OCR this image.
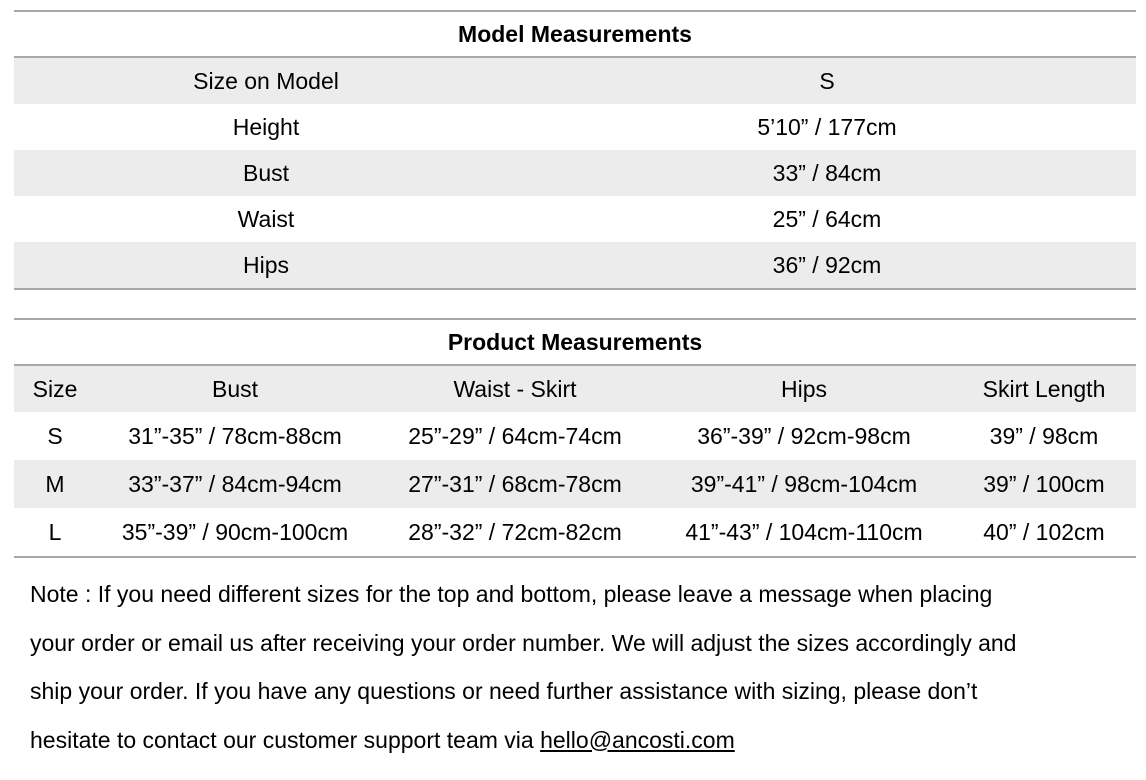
Model Measurements
Size on Model	S
Height	5’10” / 177cm
Bust	33” / 84cm
Waist	25” / 64cm
Hips	36” / 92cm
Product Measurements
Size	Bust	Waist - Skirt	Hips	Skirt Length
S	31”-35” / 78cm-88cm	25”-29” / 64cm-74cm	36”-39” / 92cm-98cm	39” / 98cm
M	33”-37” / 84cm-94cm	27”-31” / 68cm-78cm	39”-41” / 98cm-104cm	39” / 100cm
L	35”-39” / 90cm-100cm	28”-32” / 72cm-82cm	41”-43” / 104cm-110cm	40” / 102cm
Note : If you need different sizes for the top and bottom, please leave a message when placing
your order or email us after receiving your order number. We will adjust the sizes accordingly and
ship your order. If you have any questions or need further assistance with sizing, please don’t
hesitate to contact our customer support team via hello@ancosti.com
